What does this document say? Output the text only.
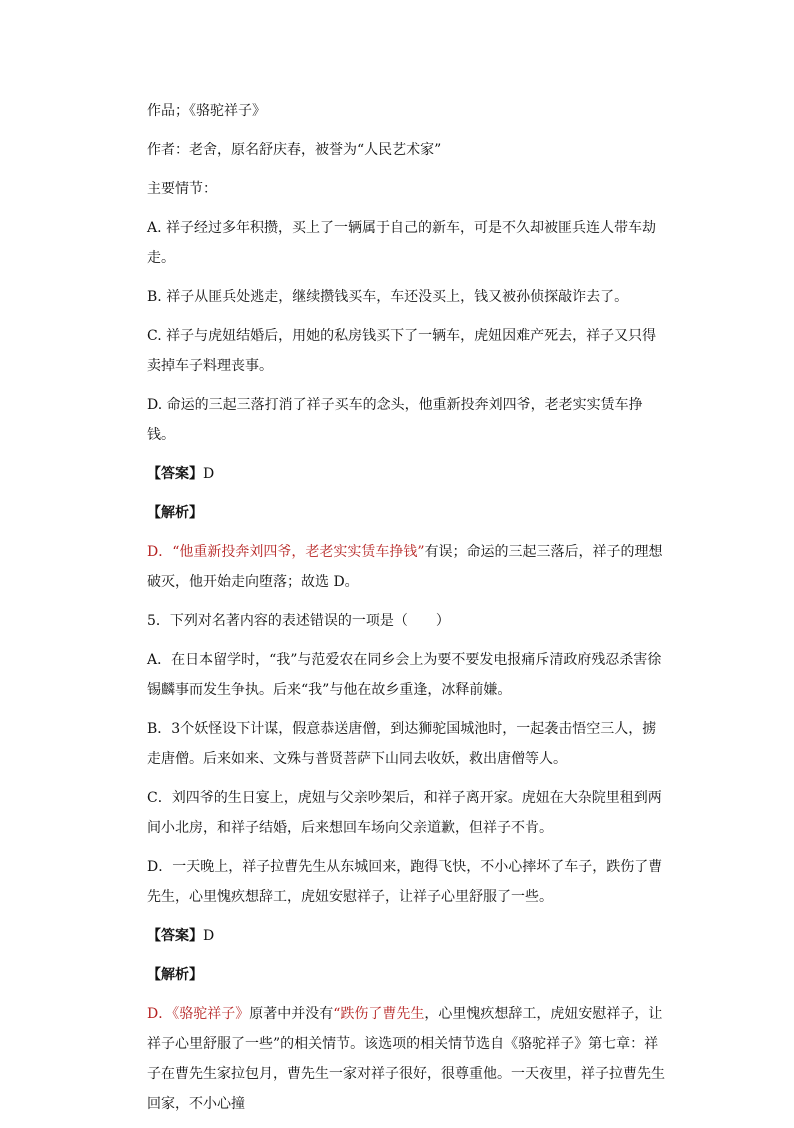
作品；《骆驼祥子》

作者：老舍，原名舒庆春，被誉为“人民艺术家”

主要情节：

A. 祥子经过多年积攒，买上了一辆属于自己的新车，可是不久却被匪兵连人带车劫走。

B. 祥子从匪兵处逃走，继续攒钱买车，车还没买上，钱又被孙侦探敲诈去了。

C. 祥子与虎妞结婚后，用她的私房钱买下了一辆车，虎妞因难产死去，祥子又只得卖掉车子料理丧事。

D. 命运的三起三落打消了祥子买车的念头，他重新投奔刘四爷，老老实实赁车挣钱。

【答案】D

【解析】

D．“他重新投奔刘四爷，老老实实赁车挣钱”有误；命运的三起三落后，祥子的理想破灭，他开始走向堕落；故选 D。

5．下列对名著内容的表述错误的一项是（　　）

A．在日本留学时，“我”与范爱农在同乡会上为要不要发电报痛斥清政府残忍杀害徐锡麟事而发生争执。后来“我”与他在故乡重逢，冰释前嫌。

B．3个妖怪设下计谋，假意恭送唐僧，到达狮驼国城池时，一起袭击悟空三人，掳走唐僧。后来如来、文殊与普贤菩萨下山同去收妖，救出唐僧等人。

C．刘四爷的生日宴上，虎妞与父亲吵架后，和祥子离开家。虎妞在大杂院里租到两间小北房，和祥子结婚，后来想回车场向父亲道歉，但祥子不肯。

D．一天晚上，祥子拉曹先生从东城回来，跑得飞快，不小心摔坏了车子，跌伤了曹先生，心里愧疚想辞工，虎妞安慰祥子，让祥子心里舒服了一些。

【答案】D

【解析】

D．《骆驼祥子》原著中并没有“跌伤了曹先生，心里愧疚想辞工，虎妞安慰祥子，让祥子心里舒服了一些”的相关情节。该选项的相关情节选自《骆驼祥子》第七章：祥子在曹先生家拉包月，曹先生一家对祥子很好，很尊重他。一天夜里，祥子拉曹先生回家，不小心撞
